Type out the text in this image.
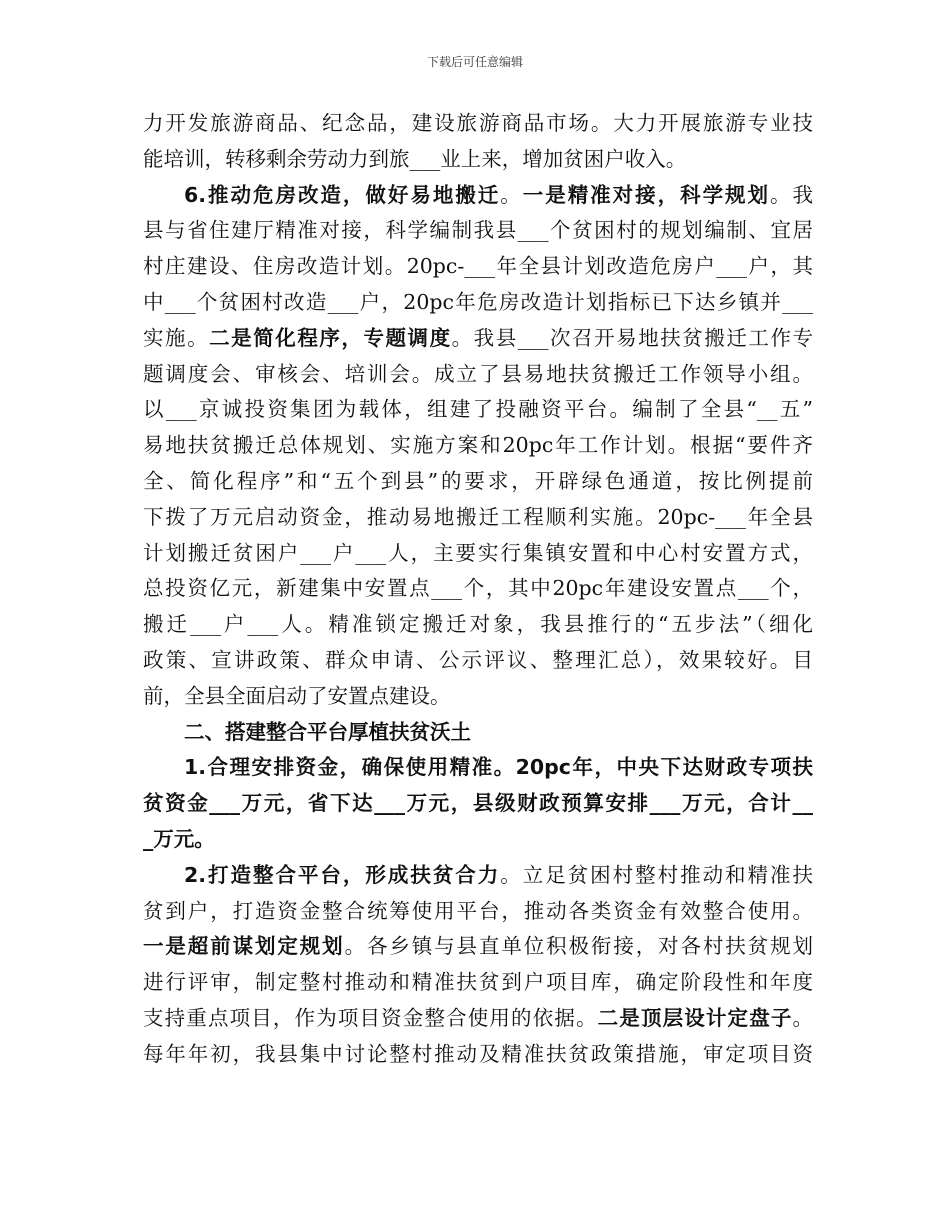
下载后可任意编辑
力开发旅游商品、纪念品，建设旅游商品市场。大力开展旅游专业技
能培训，转移剩余劳动力到旅___业上来，增加贫困户收入。
6.推动危房改造，做好易地搬迁。一是精准对接，科学规划。我
县与省住建厅精准对接，科学编制我县___个贫困村的规划编制、宜居
村庄建设、住房改造计划。20pc-___年全县计划改造危房户___户，其
中___个贫困村改造___户，20pc年危房改造计划指标已下达乡镇并___
实施。二是简化程序，专题调度。我县___次召开易地扶贫搬迁工作专
题调度会、审核会、培训会。成立了县易地扶贫搬迁工作领导小组。
以___京诚投资集团为载体，组建了投融资平台。编制了全县“__五”
易地扶贫搬迁总体规划、实施方案和20pc年工作计划。根据“要件齐
全、简化程序”和“五个到县”的要求，开辟绿色通道，按比例提前
下拨了万元启动资金，推动易地搬迁工程顺利实施。20pc-___年全县
计划搬迁贫困户___户___人，主要实行集镇安置和中心村安置方式，
总投资亿元，新建集中安置点___个，其中20pc年建设安置点___个，
搬迁___户___人。精准锁定搬迁对象，我县推行的“五步法”（细化
政策、宣讲政策、群众申请、公示评议、整理汇总），效果较好。目
前，全县全面启动了安置点建设。
二、搭建整合平台厚植扶贫沃土
1.合理安排资金，确保使用精准。20pc年，中央下达财政专项扶
贫资金___万元，省下达___万元，县级财政预算安排___万元，合计__
_万元。
2.打造整合平台，形成扶贫合力。立足贫困村整村推动和精准扶
贫到户，打造资金整合统筹使用平台，推动各类资金有效整合使用。
一是超前谋划定规划。各乡镇与县直单位积极衔接，对各村扶贫规划
进行评审，制定整村推动和精准扶贫到户项目库，确定阶段性和年度
支持重点项目，作为项目资金整合使用的依据。二是顶层设计定盘子。
每年年初，我县集中讨论整村推动及精准扶贫政策措施，审定项目资
